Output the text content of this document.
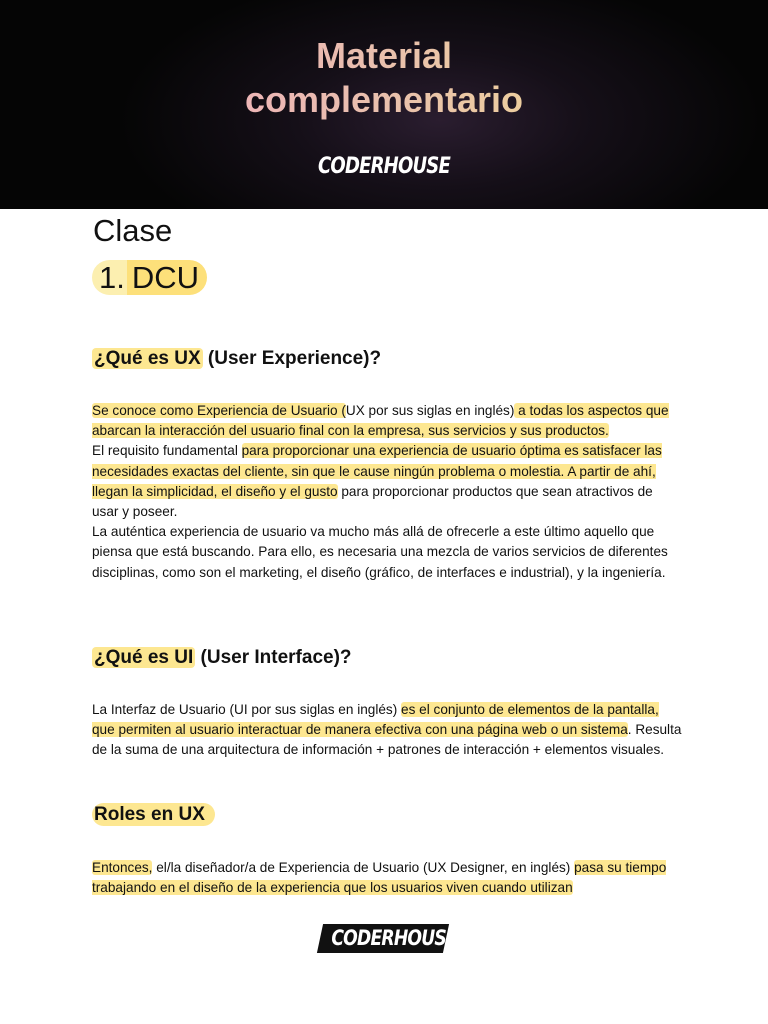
Material
complementario
CODERHOUSE
Clase
1. DCU
¿Qué es UX (User Experience)?

Se conoce como Experiencia de Usuario (UX por sus siglas en inglés) a todas los aspectos que abarcan la interacción del usuario final con la empresa, sus servicios y sus productos.

El requisito fundamental para proporcionar una experiencia de usuario óptima es satisfacer las necesidades exactas del cliente, sin que le cause ningún problema o molestia. A partir de ahí, llegan la simplicidad, el diseño y el gusto para proporcionar productos que sean atractivos de usar y poseer.

La auténtica experiencia de usuario va mucho más allá de ofrecerle a este último aquello que piensa que está buscando. Para ello, es necesaria una mezcla de varios servicios de diferentes disciplinas, como son el marketing, el diseño (gráfico, de interfaces e industrial), y la ingeniería.

¿Qué es UI (User Interface)?

La Interfaz de Usuario (UI por sus siglas en inglés) es el conjunto de elementos de la pantalla, que permiten al usuario interactuar de manera efectiva con una página web o un sistema. Resulta de la suma de una arquitectura de información + patrones de interacción + elementos visuales.

Roles en UX

Entonces, el/la diseñador/a de Experiencia de Usuario (UX Designer, en inglés) pasa su tiempo trabajando en el diseño de la experiencia que los usuarios viven cuando utilizan

CODERHOUSE
